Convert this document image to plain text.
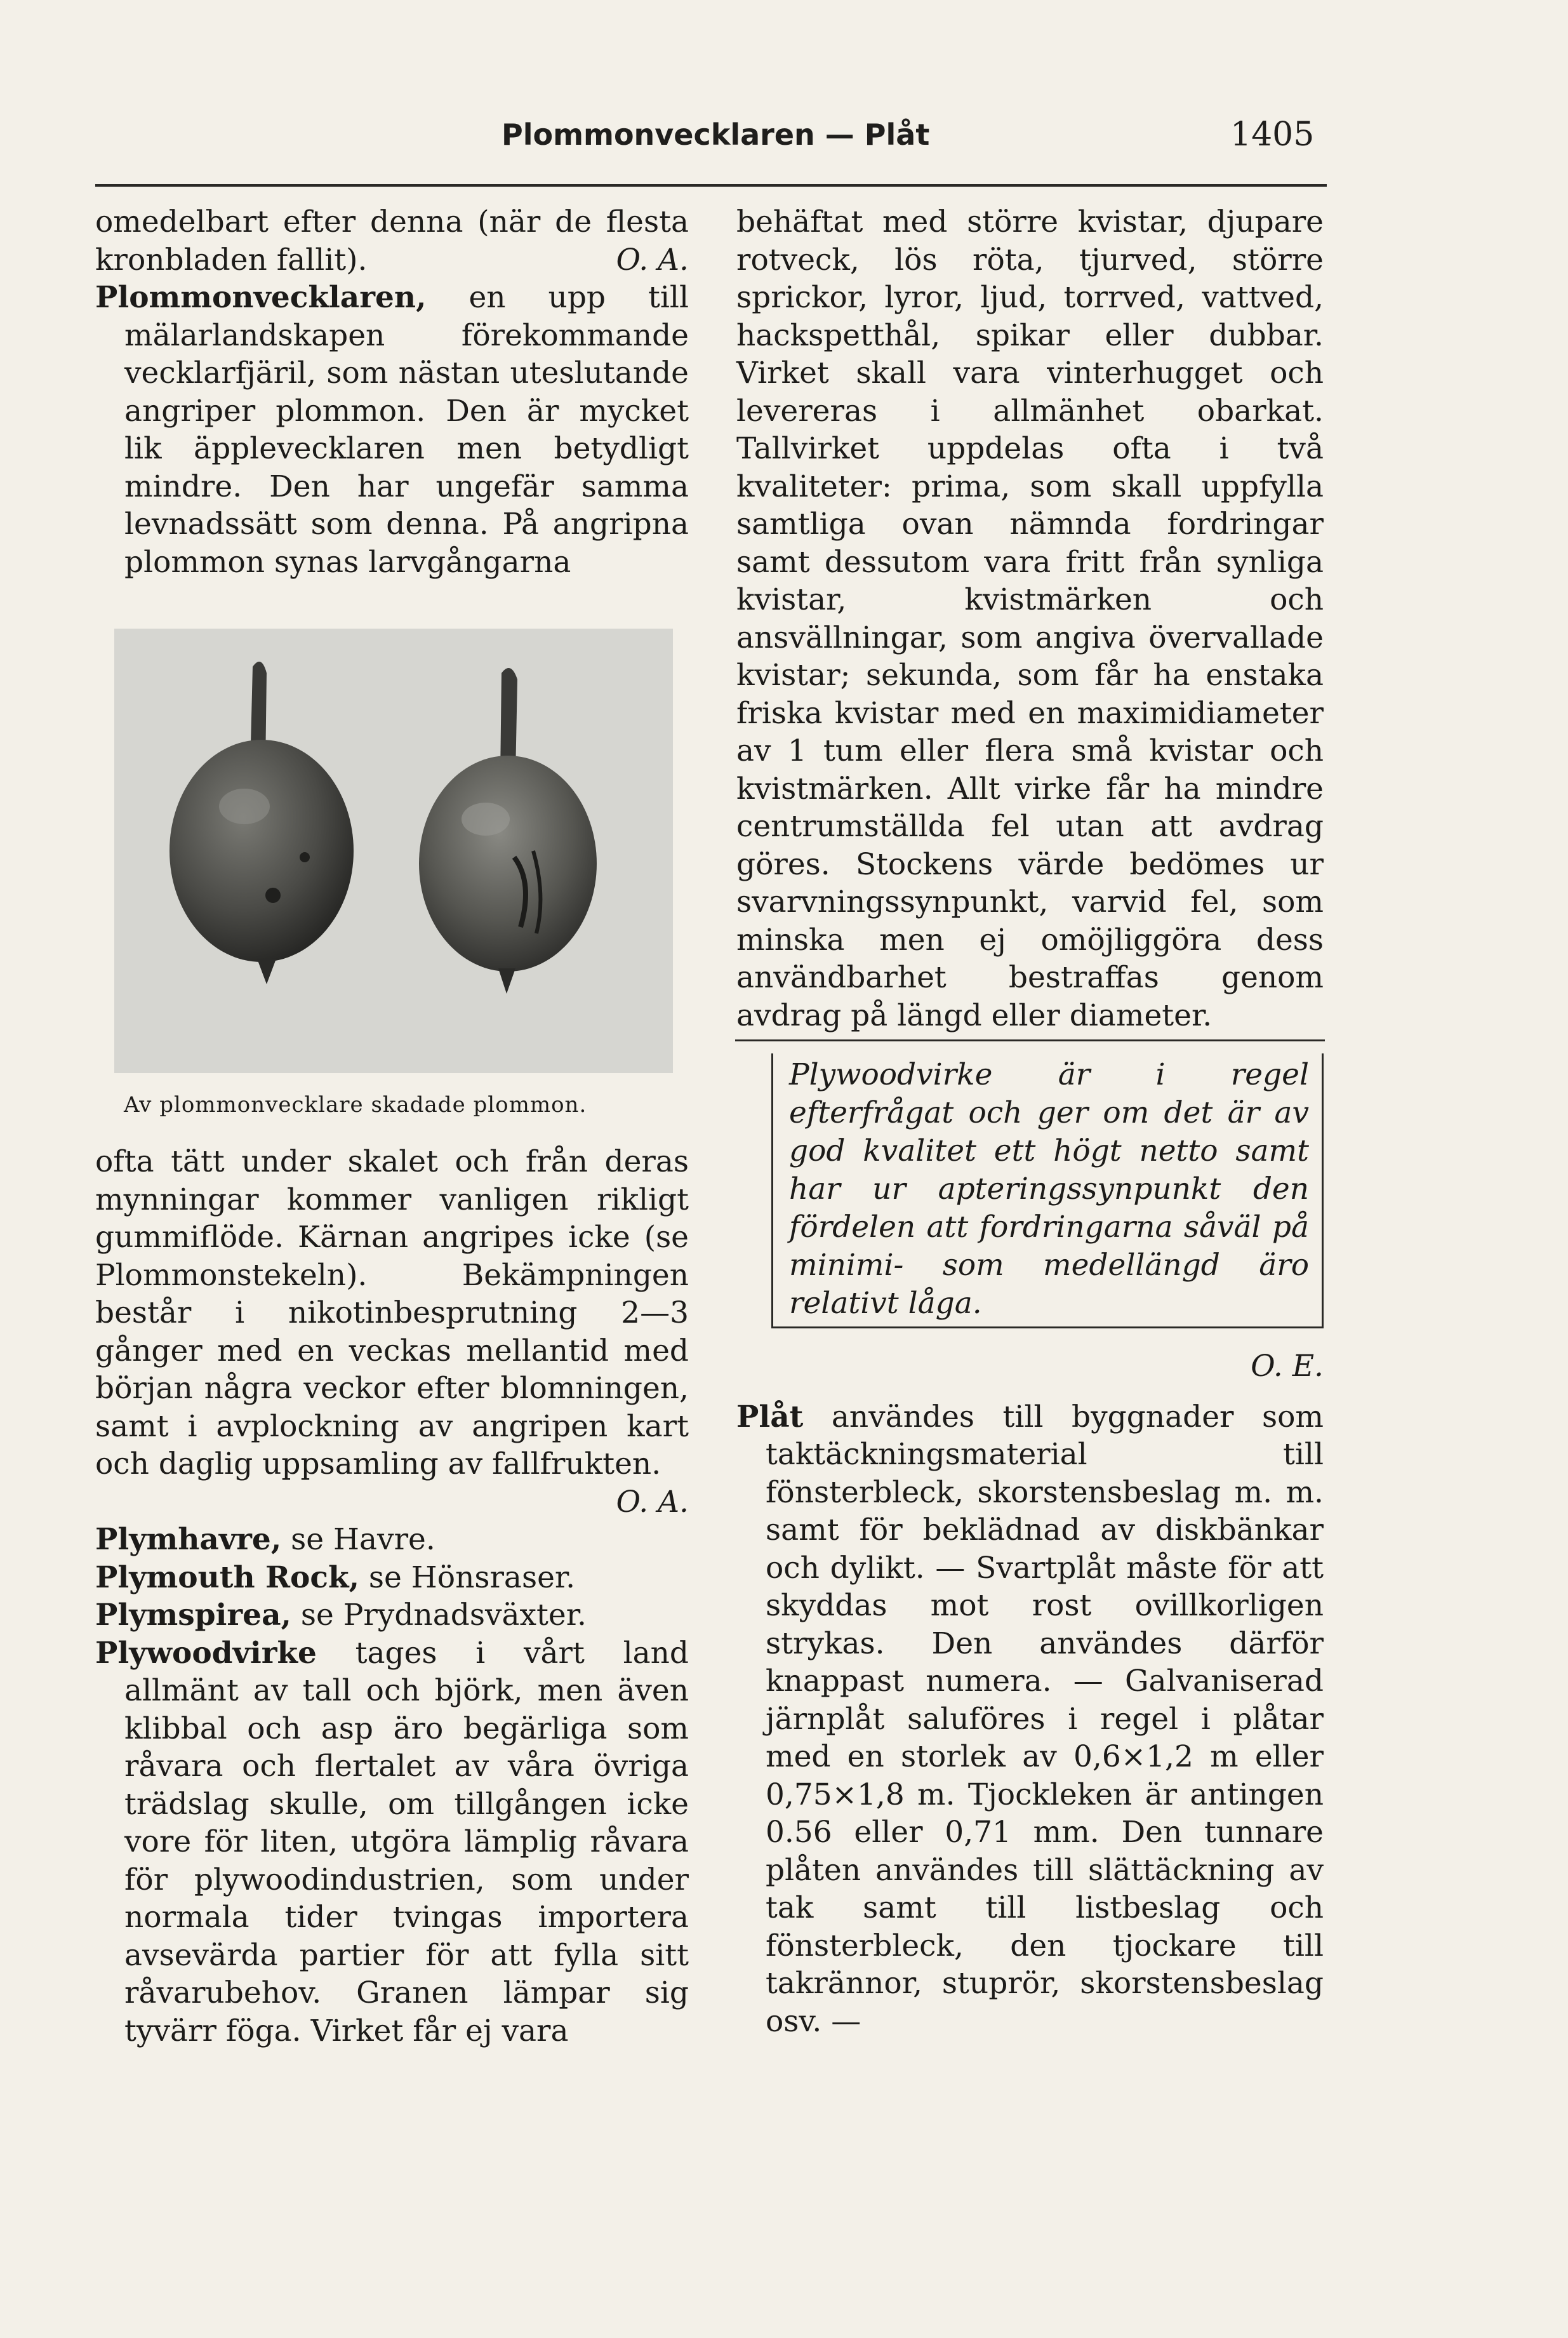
Plommonvecklaren — Plåt	1405

omedelbart efter denna (när de flesta kronbladen fallit).	O. A.

Plommonvecklaren, en upp till mälarlandskapen förekommande vecklarfjäril, som nästan uteslutande angriper plommon. Den är mycket lik äpplevecklaren men betydligt mindre. Den har ungefär samma levnadssätt som denna. På angripna plommon synas larvgångarna

Av plommonvecklare skadade plommon.

ofta tätt under skalet och från deras mynningar kommer vanligen rikligt gummiflöde. Kärnan angripes icke (se Plommonstekeln). Bekämpningen består i nikotinbesprutning 2—3 gånger med en veckas mellantid med början några veckor efter blomningen, samt i avplockning av angripen kart och daglig uppsamling av fallfrukten.

O. A.

Plymhavre, se Havre.

Plymouth Rock, se Hönsraser.

Plymspirea, se Prydnadsväxter.

Plywoodvirke tages i vårt land allmänt av tall och björk, men även klibbal och asp äro begärliga som råvara och flertalet av våra övriga trädslag skulle, om tillgången icke vore för liten, utgöra lämplig råvara för plywoodindustrien, som under normala tider tvingas importera avsevärda partier för att fylla sitt råvarubehov. Granen lämpar sig tyvärr föga. Virket får ej vara

behäftat med större kvistar, djupare rotveck, lös röta, tjurved, större sprickor, lyror, ljud, torrved, vattved, hackspetthål, spikar eller dubbar. Virket skall vara vinterhugget och levereras i allmänhet obarkat. Tallvirket uppdelas ofta i två kvaliteter: prima, som skall uppfylla samtliga ovan nämnda fordringar samt dessutom vara fritt från synliga kvistar, kvistmärken och ansvällningar, som angiva övervallade kvistar; sekunda, som får ha enstaka friska kvistar med en maximidiameter av 1 tum eller flera små kvistar och kvistmärken. Allt virke får ha mindre centrumställda fel utan att avdrag göres. Stockens värde bedömes ur svarvningssynpunkt, varvid fel, som minska men ej omöjliggöra dess användbarhet bestraffas genom avdrag på längd eller diameter.

Plywoodvirke är i regel efterfrågat och ger om det är av god kvalitet ett högt netto samt har ur apteringssynpunkt den fördelen att fordringarna såväl på minimi- som medellängd äro relativt låga.

O. E.

Plåt användes till byggnader som taktäckningsmaterial till fönsterbleck, skorstensbeslag m. m. samt för beklädnad av diskbänkar och dylikt. — Svartplåt måste för att skyddas mot rost ovillkorligen strykas. Den användes därför knappast numera. — Galvaniserad järnplåt saluföres i regel i plåtar med en storlek av 0,6×1,2 m eller 0,75×1,8 m. Tjockleken är antingen 0.56 eller 0,71 mm. Den tunnare plåten användes till slättäckning av tak samt till listbeslag och fönsterbleck, den tjockare till takrännor, stuprör, skorstensbeslag osv. —
